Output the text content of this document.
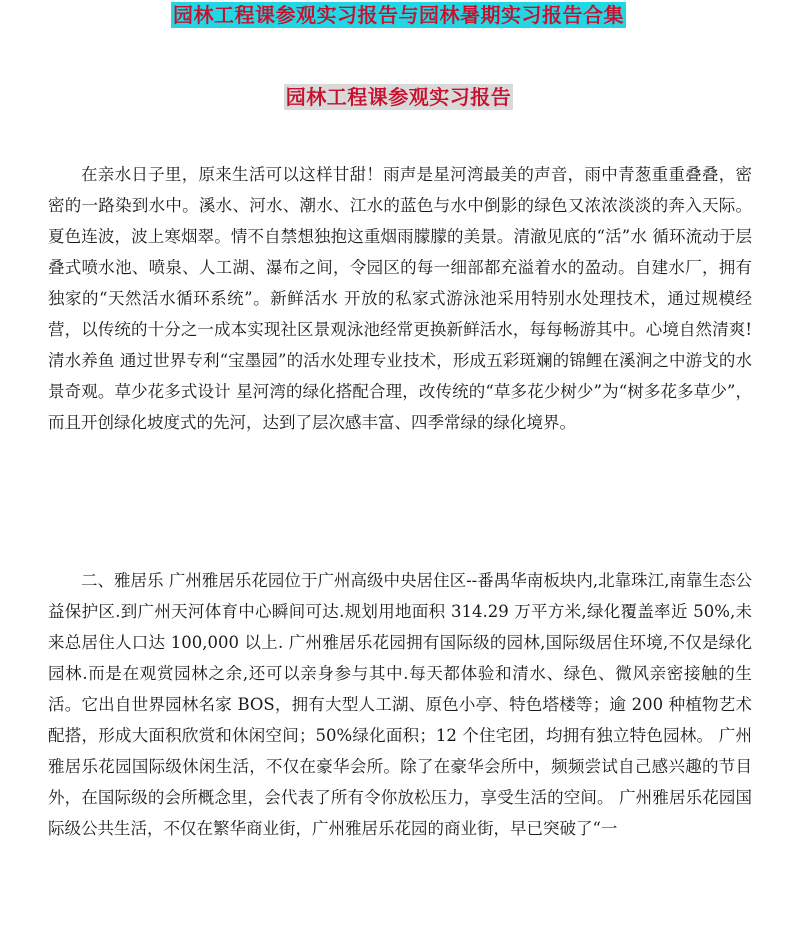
园林工程课参观实习报告与园林暑期实习报告合集
园林工程课参观实习报告

在亲水日子里，原来生活可以这样甘甜！雨声是星河湾最美的声音，雨中青葱重重叠叠，密密的一路染到水中。溪水、河水、潮水、江水的蓝色与水中倒影的绿色又浓浓淡淡的奔入天际。夏色连波，波上寒烟翠。情不自禁想独抱这重烟雨朦朦的美景。清澈见底的“活”水 循环流动于层叠式喷水池、喷泉、人工湖、瀑布之间，令园区的每一细部都充溢着水的盈动。自建水厂，拥有独家的“天然活水循环系统”。新鲜活水 开放的私家式游泳池采用特别水处理技术，通过规模经营，以传统的十分之一成本实现社区景观泳池经常更换新鲜活水，每每畅游其中。心境自然清爽!清水养鱼 通过世界专利“宝墨园”的活水处理专业技术，形成五彩斑斓的锦鲤在溪涧之中游戈的水景奇观。草少花多式设计 星河湾的绿化搭配合理，改传统的“草多花少树少”为“树多花多草少”，而且开创绿化坡度式的先河，达到了层次感丰富、四季常绿的绿化境界。

二、雅居乐 广州雅居乐花园位于广州高级中央居住区--番禺华南板块内,北靠珠江,南靠生态公益保护区.到广州天河体育中心瞬间可达.规划用地面积 314.29 万平方米,绿化覆盖率近 50%,未来总居住人口达 100,000 以上. 广州雅居乐花园拥有国际级的园林,国际级居住环境,不仅是绿化园林.而是在观赏园林之余,还可以亲身参与其中.每天都体验和清水、绿色、微风亲密接触的生活。它出自世界园林名家 BOS，拥有大型人工湖、原色小亭、特色塔楼等；逾 200 种植物艺术配搭，形成大面积欣赏和休闲空间；50%绿化面积；12 个住宅团，均拥有独立特色园林。 广州雅居乐花园国际级休闲生活，不仅在豪华会所。除了在豪华会所中，频频尝试自己感兴趣的节目外，在国际级的会所概念里，会代表了所有令你放松压力，享受生活的空间。 广州雅居乐花园国际级公共生活，不仅在繁华商业街，广州雅居乐花园的商业街，早已突破了“一
